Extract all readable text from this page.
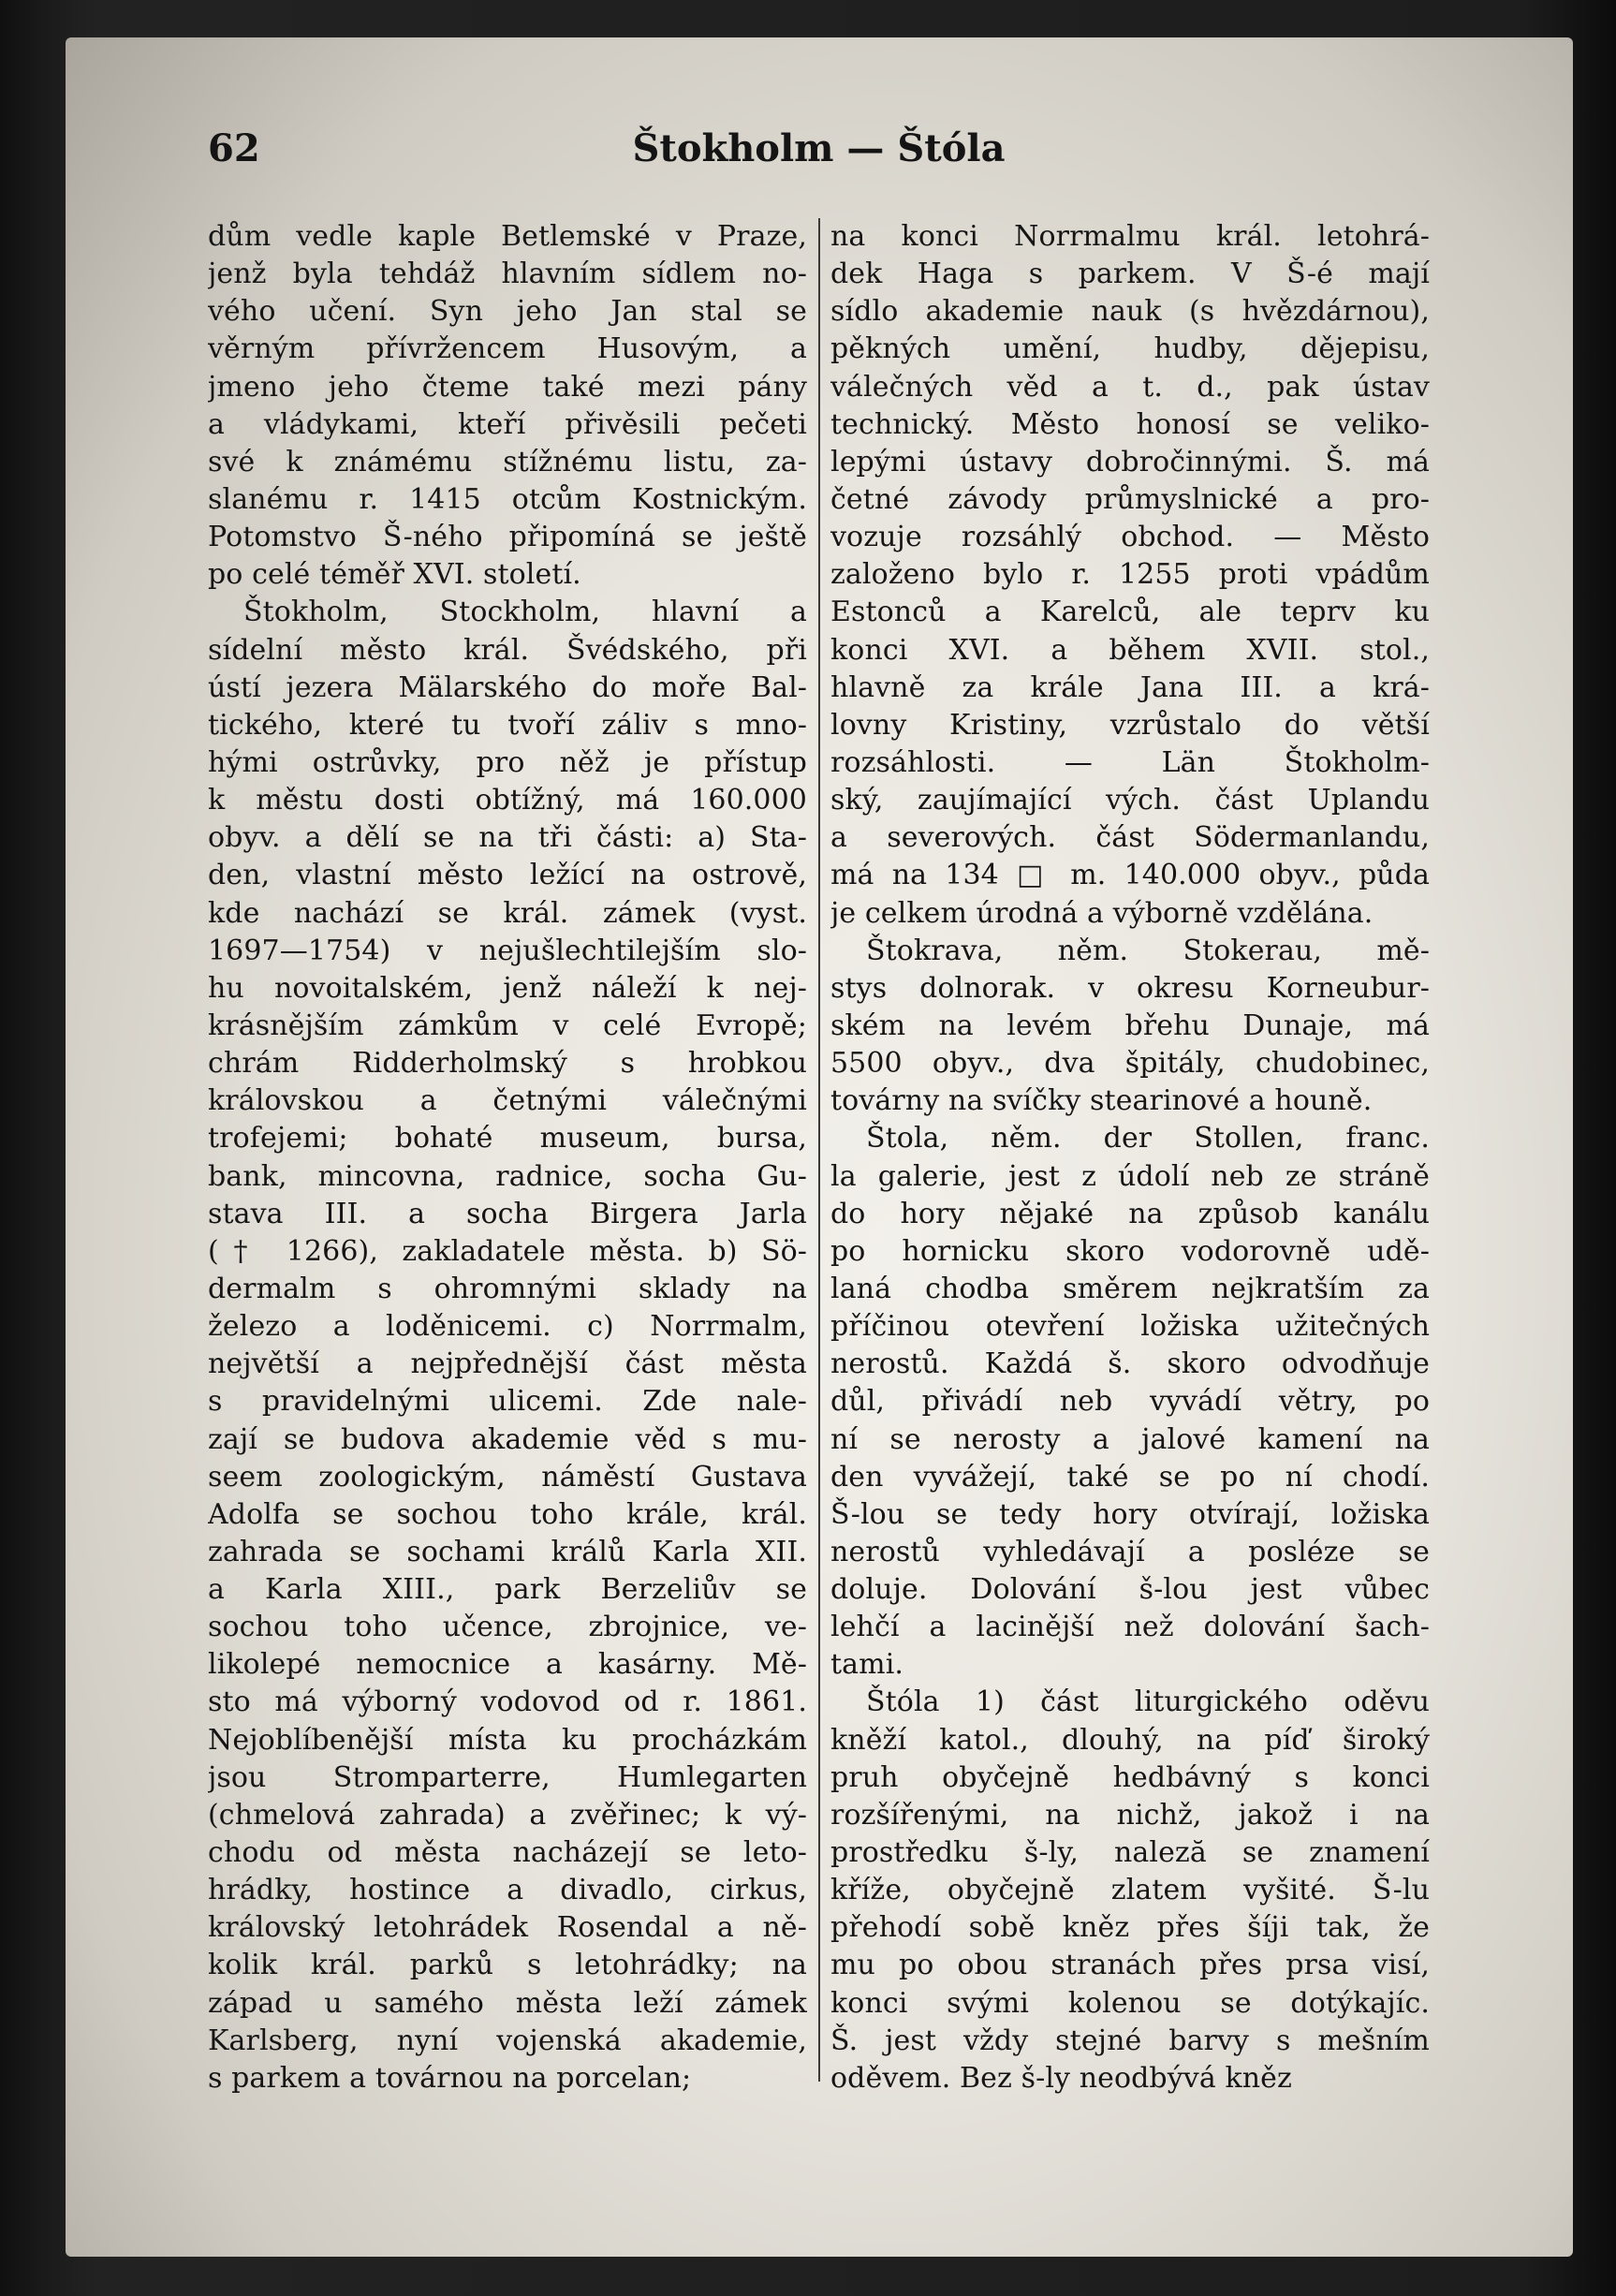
Štokholm — Štóla
62
dům vedle kaple Betlemské v Praze,
jenž byla tehdáž hlavním sídlem no-
vého učení. Syn jeho Jan stal se
věrným přívržencem Husovým, a
jmeno jeho čteme také mezi pány
a vládykami, kteří přivěsili pečeti
své k známému stížnému listu, za-
slanému r. 1415 otcům Kostnickým.
Potomstvo Š-ného připomíná se ještě
po celé téměř XVI. století.
Štokholm, Stockholm, hlavní a
sídelní město král. Švédského, při
ústí jezera Mälarského do moře Bal-
tického, které tu tvoří záliv s mno-
hými ostrůvky, pro něž je přístup
k městu dosti obtížný, má 160.000
obyv. a dělí se na tři části: a) Sta-
den, vlastní město ležící na ostrově,
kde nachází se král. zámek (vyst.
1697—1754) v nejušlechtilejším slo-
hu novoitalském, jenž náleží k nej-
krásnějším zámkům v celé Evropě;
chrám Ridderholmský s hrobkou
královskou a četnými válečnými
trofejemi; bohaté museum, bursa,
bank, mincovna, radnice, socha Gu-
stava III. a socha Birgera Jarla
(† 1266), zakladatele města. b) Sö-
dermalm s ohromnými sklady na
železo a loděnicemi. c) Norrmalm,
největší a nejpřednější část města
s pravidelnými ulicemi. Zde nale-
zají se budova akademie věd s mu-
seem zoologickým, náměstí Gustava
Adolfa se sochou toho krále, král.
zahrada se sochami králů Karla XII.
a Karla XIII., park Berzeliův se
sochou toho učence, zbrojnice, ve-
likolepé nemocnice a kasárny. Mě-
sto má výborný vodovod od r. 1861.
Nejoblíbenější místa ku procházkám
jsou Stromparterre, Humlegarten
(chmelová zahrada) a zvěřinec; k vý-
chodu od města nacházejí se leto-
hrádky, hostince a divadlo, cirkus,
královský letohrádek Rosendal a ně-
kolik král. parků s letohrádky; na
západ u samého města leží zámek
Karlsberg, nyní vojenská akademie,
s parkem a továrnou na porcelan;
na konci Norrmalmu král. letohrá-
dek Haga s parkem. V Š-é mají
sídlo akademie nauk (s hvězdárnou),
pěkných umění, hudby, dějepisu,
válečných věd a t. d., pak ústav
technický. Město honosí se veliko-
lepými ústavy dobročinnými. Š. má
četné závody průmyslnické a pro-
vozuje rozsáhlý obchod. — Město
založeno bylo r. 1255 proti vpádům
Estonců a Karelců, ale teprv ku
konci XVI. a během XVII. stol.,
hlavně za krále Jana III. a krá-
lovny Kristiny, vzrůstalo do větší
rozsáhlosti. — Län Štokholm-
ský, zaujímající vých. část Uplandu
a severových. část Södermanlandu,
má na 134 □ m. 140.000 obyv., půda
je celkem úrodná a výborně vzdělána.
Štokrava, něm. Stokerau, mě-
stys dolnorak. v okresu Korneubur-
ském na levém břehu Dunaje, má
5500 obyv., dva špitály, chudobinec,
továrny na svíčky stearinové a houně.
Štola, něm. der Stollen, franc.
la galerie, jest z údolí neb ze stráně
do hory nějaké na způsob kanálu
po hornicku skoro vodorovně udě-
laná chodba směrem nejkratším za
příčinou otevření ložiska užitečných
nerostů. Každá š. skoro odvodňuje
důl, přivádí neb vyvádí větry, po
ní se nerosty a jalové kamení na
den vyvážejí, také se po ní chodí.
Š-lou se tedy hory otvírají, ložiska
nerostů vyhledávají a posléze se
doluje. Dolování š-lou jest vůbec
lehčí a lacinější než dolování šach-
tami.
Štóla 1) část liturgického oděvu
kněží katol., dlouhý, na píď široký
pruh obyčejně hedbávný s konci
rozšířenými, na nichž, jakož i na
prostředku š-ly, naleză se znamení
kříže, obyčejně zlatem vyšité. Š-lu
přehodí sobě kněz přes šíji tak, že
mu po obou stranách přes prsa visí,
konci svými kolenou se dotýkajíc.
Š. jest vždy stejné barvy s mešním
oděvem. Bez š-ly neodbývá kněz
